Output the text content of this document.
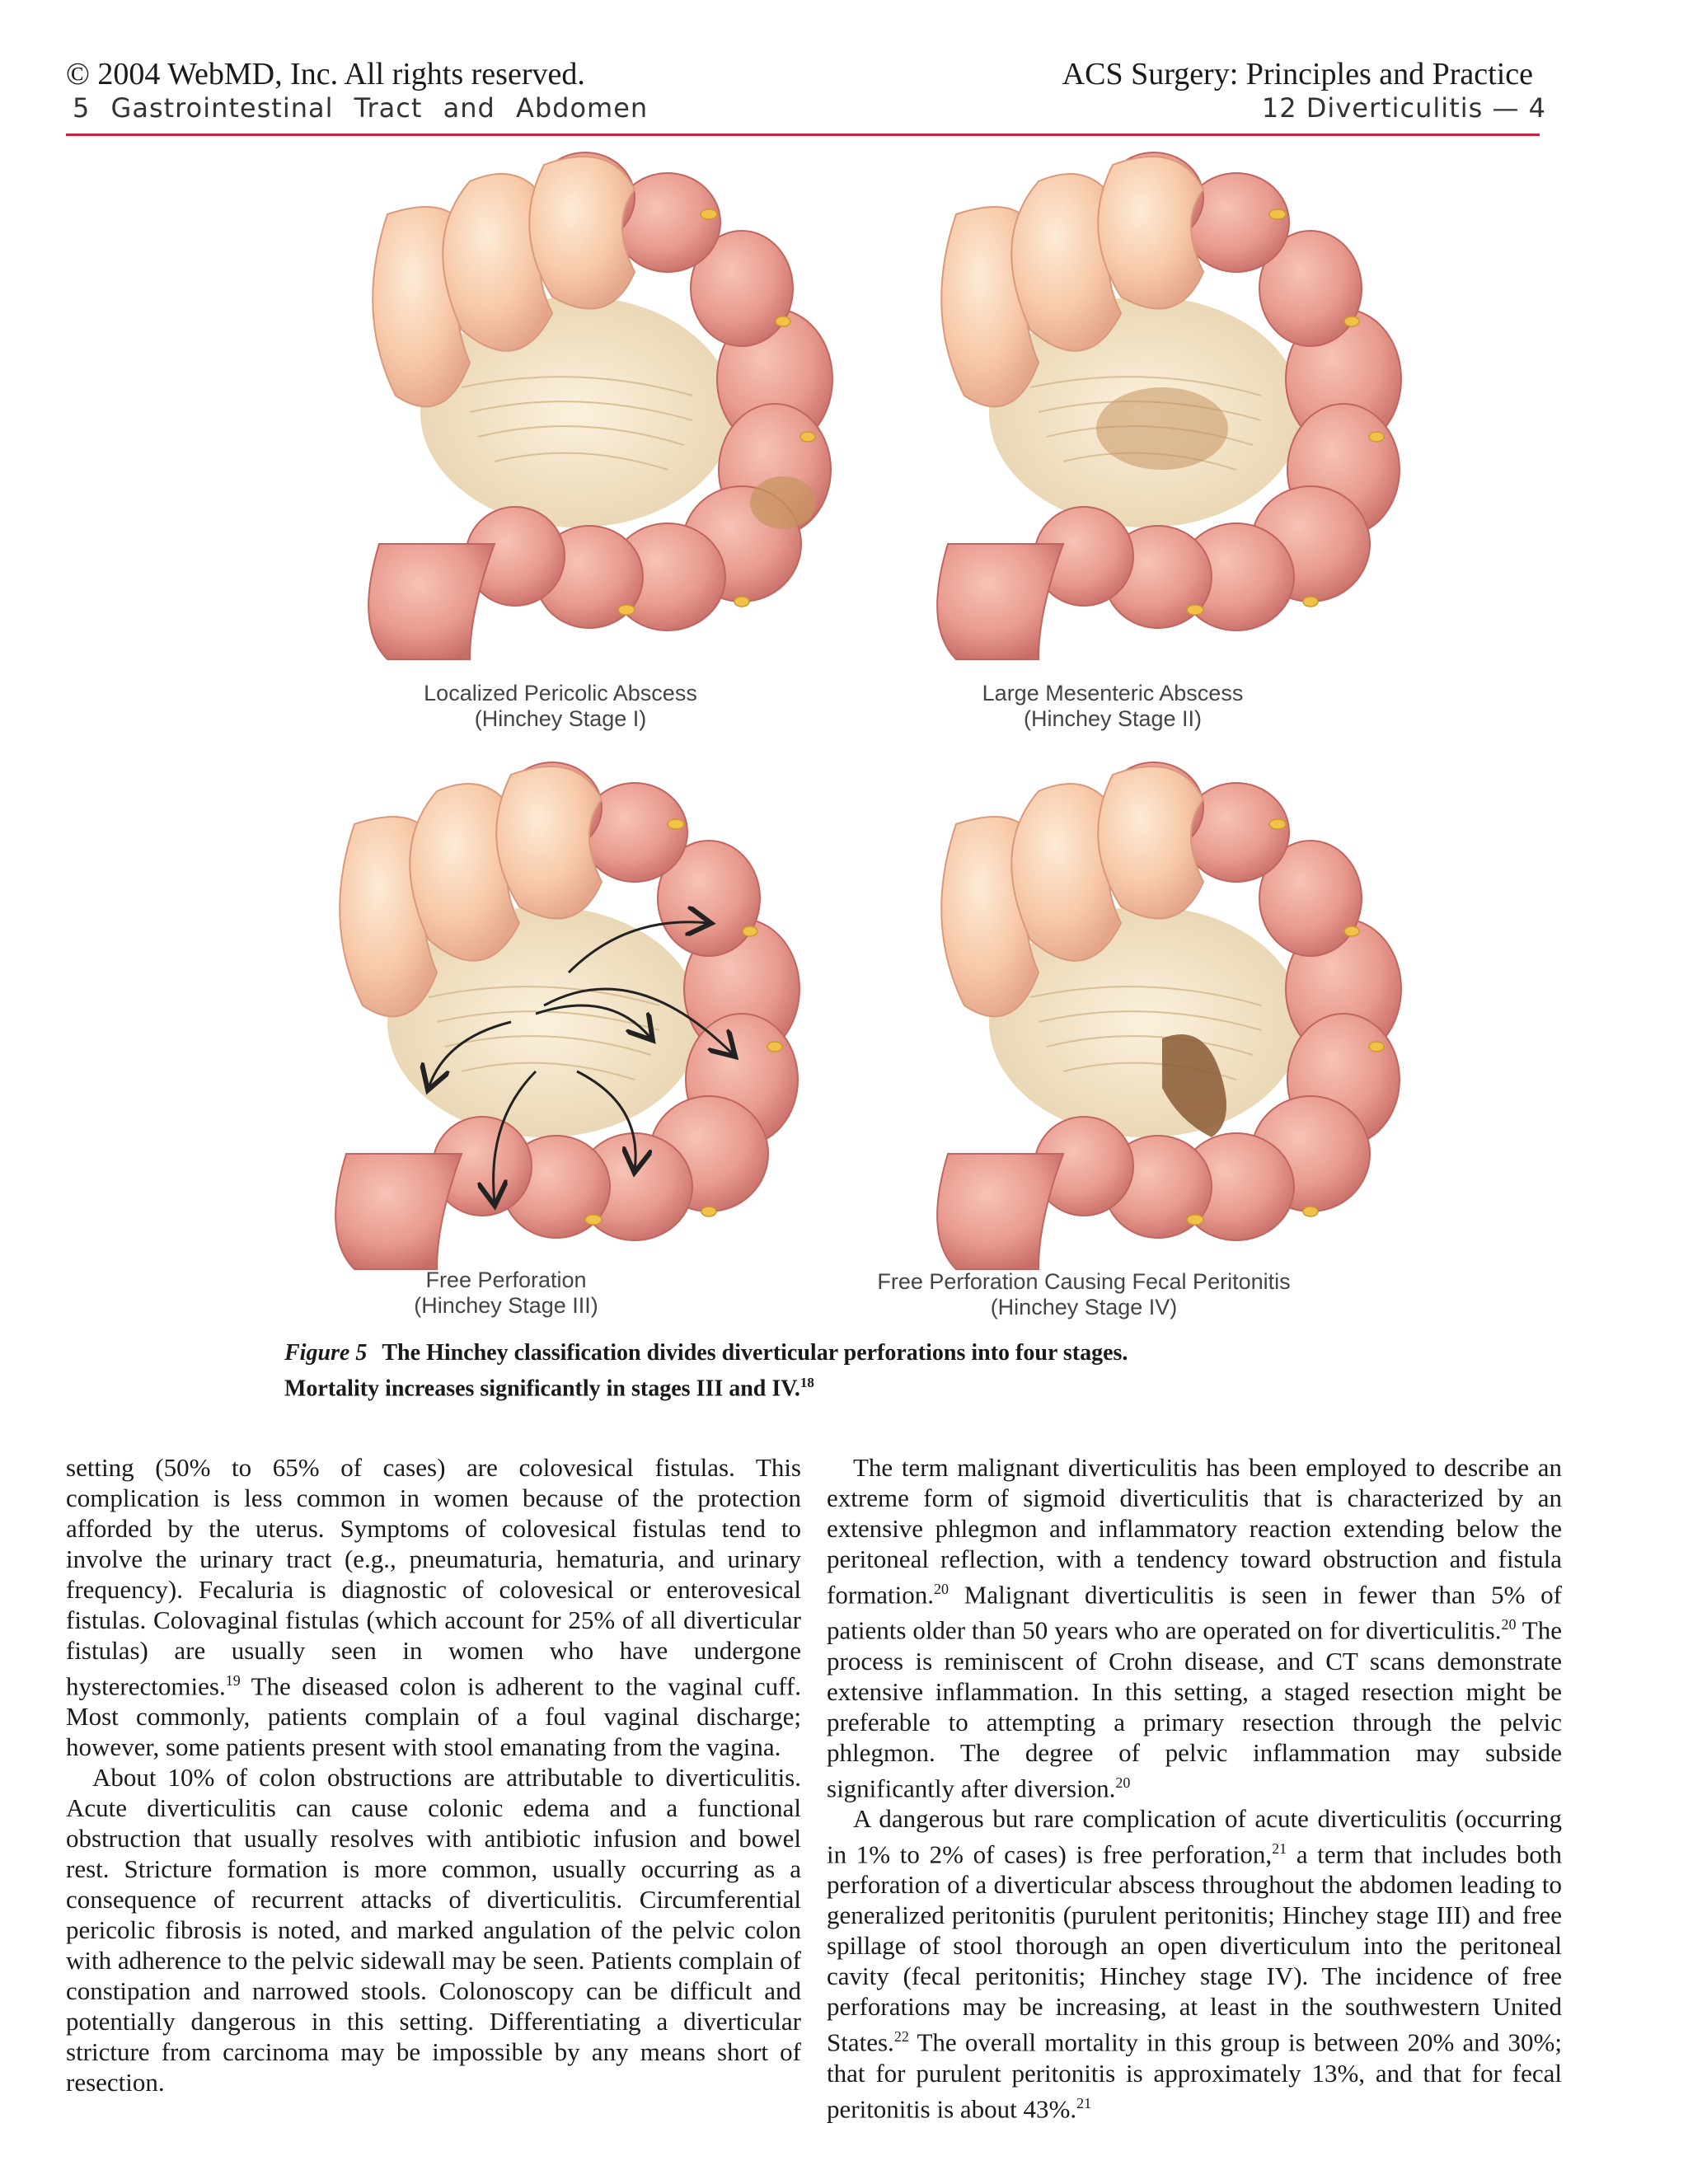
© 2004 WebMD, Inc. All rights reserved.
5 Gastrointestinal Tract and Abdomen
ACS Surgery: Principles and Practice
12 Diverticulitis — 4
Localized Pericolic Abscess
(Hinchey Stage I)
Large Mesenteric Abscess
(Hinchey Stage II)
Free Perforation
(Hinchey Stage III)
Free Perforation Causing Fecal Peritonitis
(Hinchey Stage IV)
Figure 5 The Hinchey classification divides diverticular perforations into four stages.
Mortality increases significantly in stages III and IV.$^{18}$

setting (50% to 65% of cases) are colovesical fistulas. This complication is less common in women because of the protection afforded by the uterus. Symptoms of colovesical fistulas tend to involve the urinary tract (e.g., pneumaturia, hematuria, and urinary frequency). Fecaluria is diagnostic of colovesical or enterovesical fistulas. Colovaginal fistulas (which account for 25% of all diverticular fistulas) are usually seen in women who have undergone hysterectomies.$^{19}$ The diseased colon is adherent to the vaginal cuff. Most commonly, patients complain of a foul vaginal discharge; however, some patients present with stool emanating from the vagina.

About 10% of colon obstructions are attributable to diverticulitis. Acute diverticulitis can cause colonic edema and a functional obstruction that usually resolves with antibiotic infusion and bowel rest. Stricture formation is more common, usually occurring as a consequence of recurrent attacks of diverticulitis. Circumferential pericolic fibrosis is noted, and marked angulation of the pelvic colon with adherence to the pelvic sidewall may be seen. Patients complain of constipation and narrowed stools. Colonoscopy can be difficult and potentially dangerous in this setting. Differentiating a diverticular stricture from carcinoma may be impossible by any means short of resection.

The term malignant diverticulitis has been employed to describe an extreme form of sigmoid diverticulitis that is characterized by an extensive phlegmon and inflammatory reaction extending below the peritoneal reflection, with a tendency toward obstruction and fistula formation.$^{20}$ Malignant diverticulitis is seen in fewer than 5% of patients older than 50 years who are operated on for diverticulitis.$^{20}$ The process is reminiscent of Crohn disease, and CT scans demonstrate extensive inflammation. In this setting, a staged resection might be preferable to attempting a primary resection through the pelvic phlegmon. The degree of pelvic inflammation may subside significantly after diversion.$^{20}$

A dangerous but rare complication of acute diverticulitis (occurring in 1% to 2% of cases) is free perforation,$^{21}$ a term that includes both perforation of a diverticular abscess throughout the abdomen leading to generalized peritonitis (purulent peritonitis; Hinchey stage III) and free spillage of stool thorough an open diverticulum into the peritoneal cavity (fecal peritonitis; Hinchey stage IV). The incidence of free perforations may be increasing, at least in the southwestern United States.$^{22}$ The overall mortality in this group is between 20% and 30%; that for purulent peritonitis is approximately 13%, and that for fecal peritonitis is about 43%.$^{21}$
